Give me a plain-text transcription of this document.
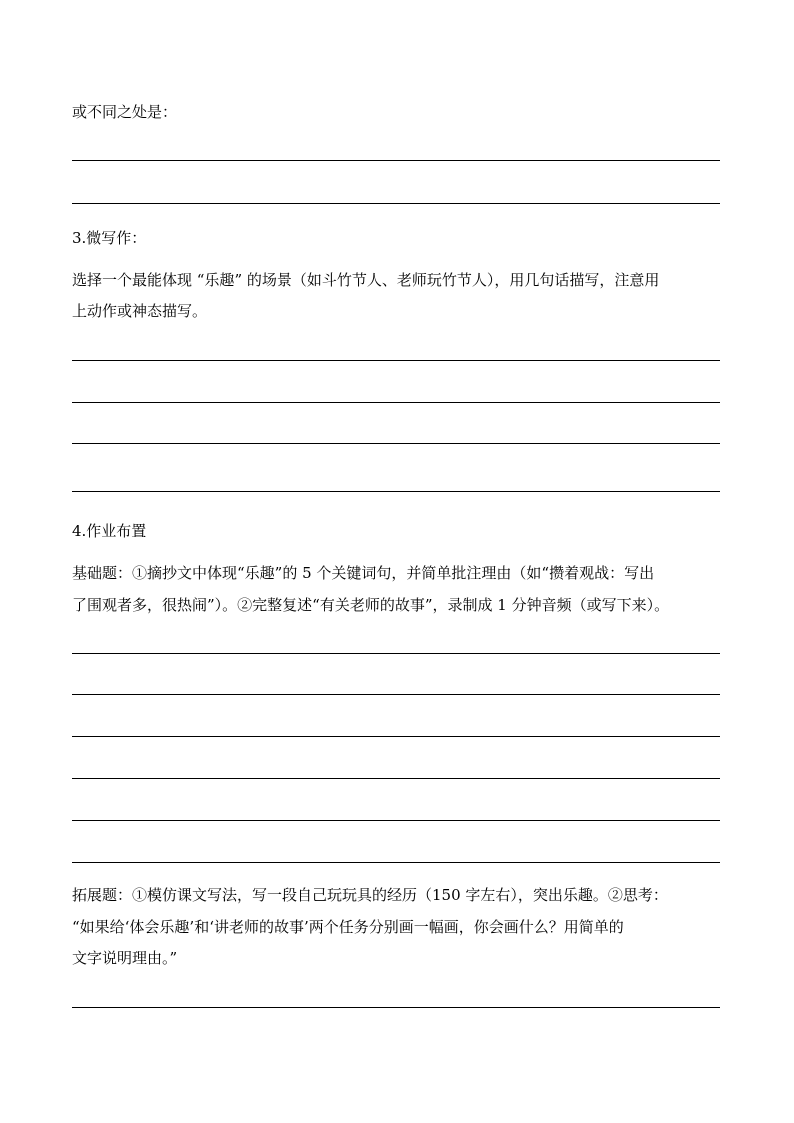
或不同之处是：
3.微写作：
选择一个最能体现 “乐趣” 的场景（如斗竹节人、老师玩竹节人），用几句话描写，注意用
上动作或神态描写。
4.作业布置
基础题：①摘抄文中体现“乐趣”的 5 个关键词句，并简单批注理由（如“攒着观战：写出
了围观者多，很热闹”）。②完整复述“有关老师的故事”，录制成 1 分钟音频（或写下来）。
拓展题：①模仿课文写法，写一段自己玩玩具的经历（150 字左右），突出乐趣。②思考：
“如果给‘体会乐趣’和‘讲老师的故事’两个任务分别画一幅画，你会画什么？用简单的
文字说明理由。”
